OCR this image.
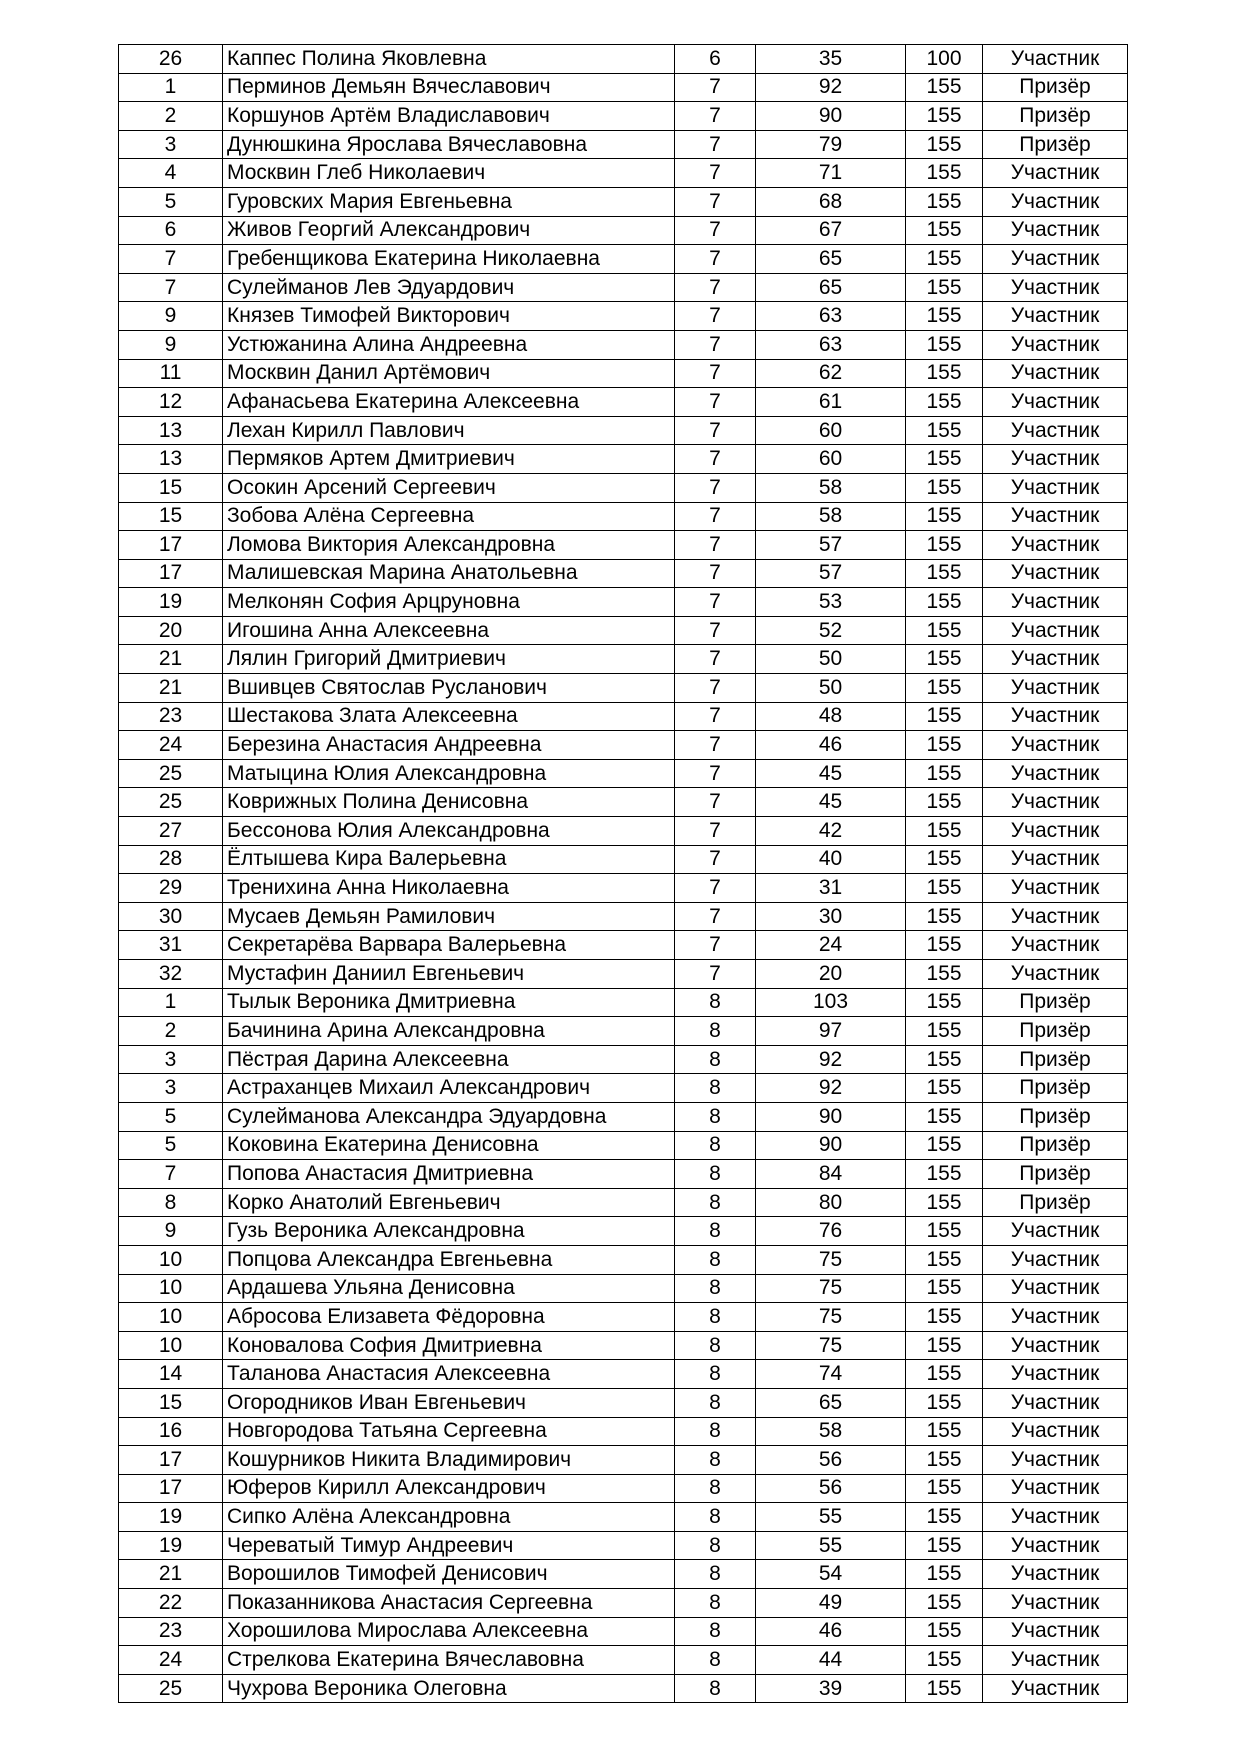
26	Каппес Полина Яковлевна	6	35	100	Участник
1	Перминов Демьян Вячеславович	7	92	155	Призёр
2	Коршунов Артём Владиславович	7	90	155	Призёр
3	Дунюшкина Ярослава Вячеславовна	7	79	155	Призёр
4	Москвин Глеб Николаевич	7	71	155	Участник
5	Гуровских Мария Евгеньевна	7	68	155	Участник
6	Живов Георгий Александрович	7	67	155	Участник
7	Гребенщикова Екатерина Николаевна	7	65	155	Участник
7	Сулейманов Лев Эдуардович	7	65	155	Участник
9	Князев Тимофей Викторович	7	63	155	Участник
9	Устюжанина Алина Андреевна	7	63	155	Участник
11	Москвин Данил Артёмович	7	62	155	Участник
12	Афанасьева Екатерина Алексеевна	7	61	155	Участник
13	Лехан Кирилл Павлович	7	60	155	Участник
13	Пермяков Артем Дмитриевич	7	60	155	Участник
15	Осокин Арсений Сергеевич	7	58	155	Участник
15	Зобова Алёна Сергеевна	7	58	155	Участник
17	Ломова Виктория Александровна	7	57	155	Участник
17	Малишевская Марина Анатольевна	7	57	155	Участник
19	Мелконян София Арцруновна	7	53	155	Участник
20	Игошина Анна Алексеевна	7	52	155	Участник
21	Лялин Григорий Дмитриевич	7	50	155	Участник
21	Вшивцев Святослав Русланович	7	50	155	Участник
23	Шестакова Злата Алексеевна	7	48	155	Участник
24	Березина Анастасия Андреевна	7	46	155	Участник
25	Матыцина Юлия Александровна	7	45	155	Участник
25	Коврижных Полина Денисовна	7	45	155	Участник
27	Бессонова Юлия Александровна	7	42	155	Участник
28	Ёлтышева Кира Валерьевна	7	40	155	Участник
29	Тренихина Анна Николаевна	7	31	155	Участник
30	Мусаев Демьян Рамилович	7	30	155	Участник
31	Секретарёва Варвара Валерьевна	7	24	155	Участник
32	Мустафин Даниил Евгеньевич	7	20	155	Участник
1	Тылык Вероника Дмитриевна	8	103	155	Призёр
2	Бачинина Арина Александровна	8	97	155	Призёр
3	Пёстрая Дарина Алексеевна	8	92	155	Призёр
3	Астраханцев Михаил Александрович	8	92	155	Призёр
5	Сулейманова Александра Эдуардовна	8	90	155	Призёр
5	Коковина Екатерина Денисовна	8	90	155	Призёр
7	Попова Анастасия Дмитриевна	8	84	155	Призёр
8	Корко Анатолий Евгеньевич	8	80	155	Призёр
9	Гузь Вероника Александровна	8	76	155	Участник
10	Попцова Александра Евгеньевна	8	75	155	Участник
10	Ардашева Ульяна Денисовна	8	75	155	Участник
10	Абросова Елизавета Фёдоровна	8	75	155	Участник
10	Коновалова София Дмитриевна	8	75	155	Участник
14	Таланова Анастасия Алексеевна	8	74	155	Участник
15	Огородников Иван Евгеньевич	8	65	155	Участник
16	Новгородова Татьяна Сергеевна	8	58	155	Участник
17	Кошурников Никита Владимирович	8	56	155	Участник
17	Юферов Кирилл Александрович	8	56	155	Участник
19	Сипко Алёна Александровна	8	55	155	Участник
19	Череватый Тимур Андреевич	8	55	155	Участник
21	Ворошилов Тимофей Денисович	8	54	155	Участник
22	Показанникова Анастасия Сергеевна	8	49	155	Участник
23	Хорошилова Мирослава Алексеевна	8	46	155	Участник
24	Стрелкова Екатерина Вячеславовна	8	44	155	Участник
25	Чухрова Вероника Олеговна	8	39	155	Участник
